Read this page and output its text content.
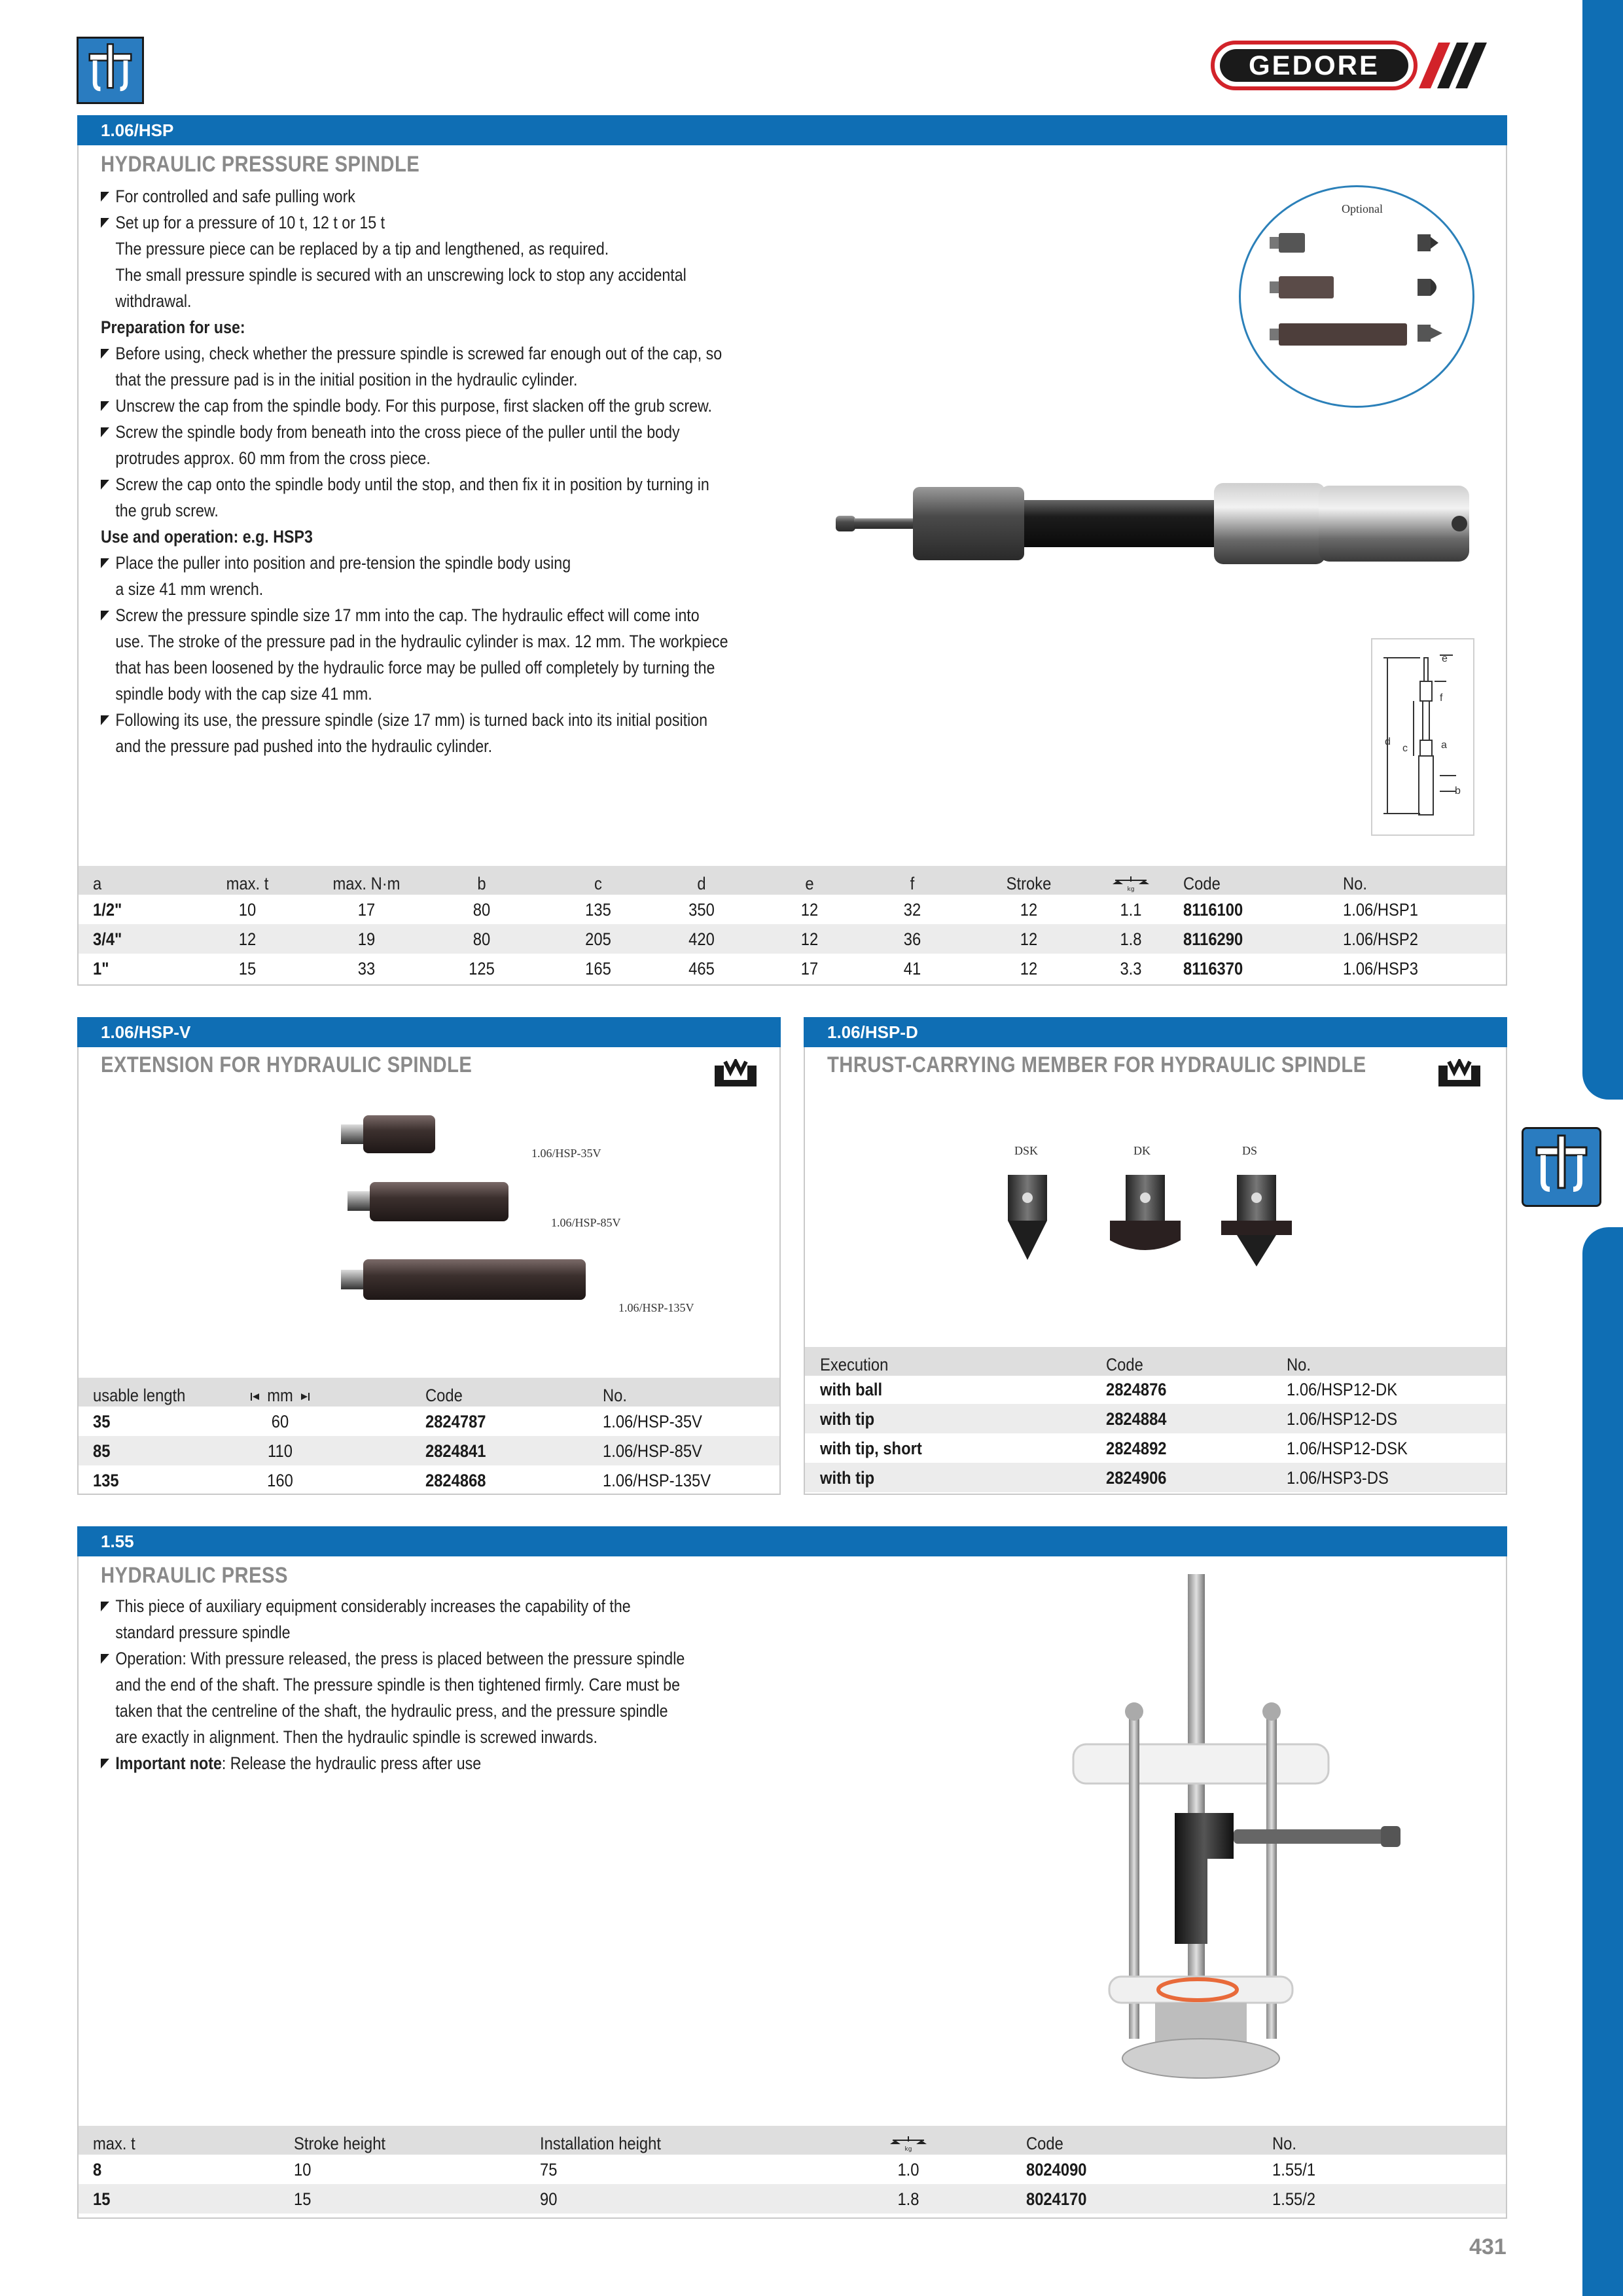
GEDORE
1.06/HSP
HYDRAULIC PRESSURE SPINDLE

For controlled and safe pulling work

Set up for a pressure of 10 t, 12 t or 15 t

The pressure piece can be replaced by a tip and lengthened, as required.

The small pressure spindle is secured with an unscrewing lock to stop any accidental

withdrawal.

Preparation for use:

Before using, check whether the pressure spindle is screwed far enough out of the cap, so

that the pressure pad is in the initial position in the hydraulic cylinder.

Unscrew the cap from the spindle body. For this purpose, first slacken off the grub screw.

Screw the spindle body from beneath into the cross piece of the puller until the body

protrudes approx. 60 mm from the cross piece.

Screw the cap onto the spindle body until the stop, and then fix it in position by turning in

the grub screw.

Use and operation: e.g. HSP3

Place the puller into position and pre-tension the spindle body using

a size 41 mm wrench.

Screw the pressure spindle size 17 mm into the cap. The hydraulic effect will come into

use. The stroke of the pressure pad in the hydraulic cylinder is max. 12 mm. The workpiece

that has been loosened by the hydraulic force may be pulled off completely by turning the

spindle body with the cap size 41 mm.

Following its use, the pressure spindle (size 17 mm) is turned back into its initial position

and the pressure pad pushed into the hydraulic cylinder.

Optional
e
f
d
c	a
b
a	max. t	max. N·m	b	c	d	e	f	Stroke	kg	Code	No.
1/2"	10	17	80	135	350	12	32	12	1.1	8116100	1.06/HSP1
3/4"	12	19	80	205	420	12	36	12	1.8	8116290	1.06/HSP2
1"	15	33	125	165	465	17	41	12	3.3	8116370	1.06/HSP3
1.06/HSP-V
EXTENSION FOR HYDRAULIC SPINDLE
1.06/HSP-35V
1.06/HSP-85V
1.06/HSP-135V
usable length	mm	Code	No.
35	60	2824787	1.06/HSP-35V
85	110	2824841	1.06/HSP-85V
135	160	2824868	1.06/HSP-135V
1.06/HSP-D
THRUST-CARRYING MEMBER FOR HYDRAULIC SPINDLE
DSK	DK	DS
Execution	Code	No.
with ball	2824876	1.06/HSP12-DK
with tip	2824884	1.06/HSP12-DS
with tip, short	2824892	1.06/HSP12-DSK
with tip	2824906	1.06/HSP3-DS
1.55
HYDRAULIC PRESS

This piece of auxiliary equipment considerably increases the capability of the

standard pressure spindle

Operation: With pressure released, the press is placed between the pressure spindle

and the end of the shaft. The pressure spindle is then tightened firmly. Care must be

taken that the centreline of the shaft, the hydraulic press, and the pressure spindle

are exactly in alignment. Then the hydraulic spindle is screwed inwards.

Important note: Release the hydraulic press after use

max. t	Stroke height	Installation height	kg	Code	No.
8	10	75	1.0	8024090	1.55/1
15	15	90	1.8	8024170	1.55/2
431
